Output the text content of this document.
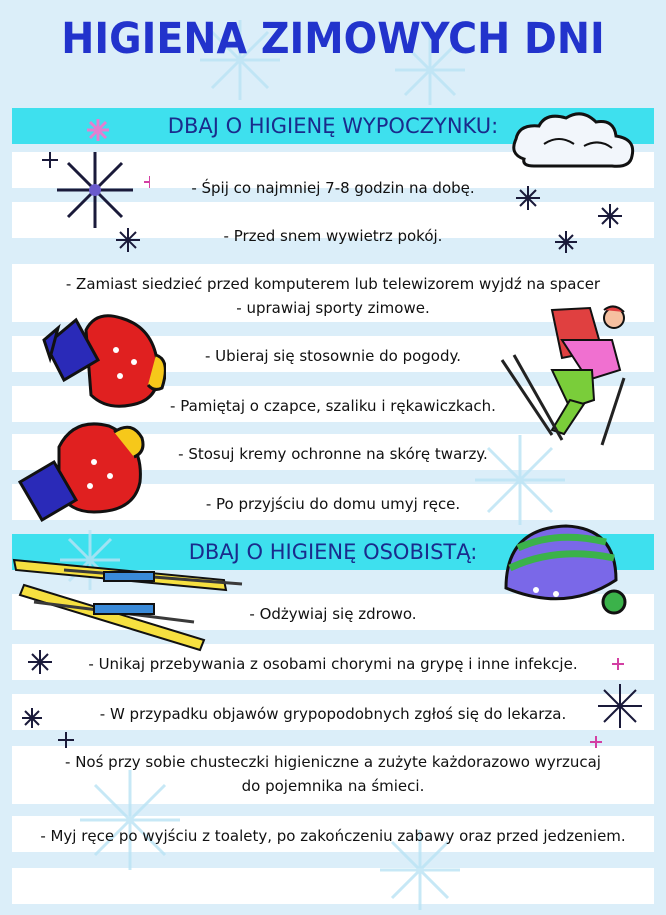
HIGIENA ZIMOWYCH DNI
DBAJ O HIGIENĘ WYPOCZYNKU:
- Śpij co najmniej 7-8 godzin na dobę.
- Przed snem wywietrz pokój.
- Zamiast siedzieć przed komputerem lub telewizorem wyjdź na spacer
- uprawiaj sporty zimowe.
- Ubieraj się stosownie do pogody.
- Pamiętaj o czapce, szaliku i rękawiczkach.
- Stosuj kremy ochronne na skórę twarzy.
- Po przyjściu do domu umyj ręce.
DBAJ O HIGIENĘ OSOBISTĄ:
- Odżywiaj się zdrowo.
- Unikaj przebywania z osobami chorymi na grypę i inne infekcje.
- W przypadku objawów grypopodobnych zgłoś się do lekarza.
- Noś przy sobie chusteczki higieniczne a zużyte każdorazowo wyrzucaj
do pojemnika na śmieci.
- Myj ręce po wyjściu z toalety, po zakończeniu zabawy oraz przed jedzeniem.
